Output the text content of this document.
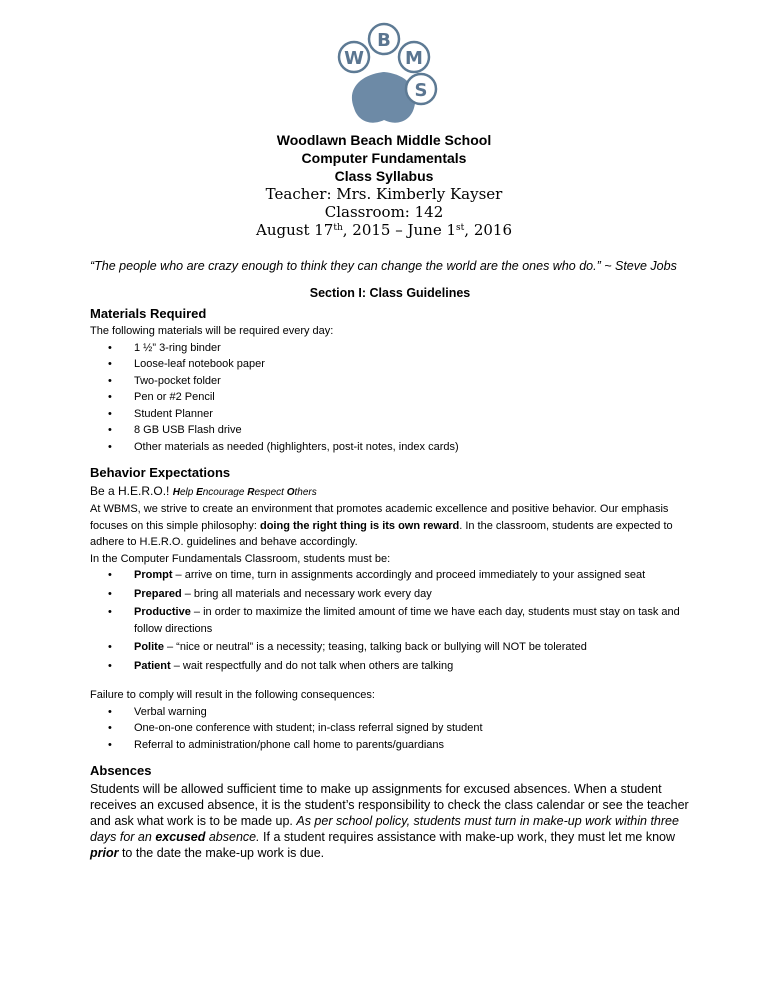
W
B
M
S
Woodlawn Beach Middle School
Computer Fundamentals
Class Syllabus
Teacher: Mrs. Kimberly Kayser
Classroom: 142
August 17th, 2015 – June 1st, 2016
“The people who are crazy enough to think they can change the world are the ones who do.” ~ Steve Jobs
Section I: Class Guidelines
Materials Required
The following materials will be required every day:
• 1 ½” 3-ring binder
• Loose-leaf notebook paper
• Two-pocket folder
• Pen or #2 Pencil
• Student Planner
• 8 GB USB Flash drive
• Other materials as needed (highlighters, post-it notes, index cards)
Behavior Expectations
Be a H.E.R.O.! Help Encourage Respect Others

At WBMS, we strive to create an environment that promotes academic excellence and positive behavior. Our emphasis focuses on this simple philosophy: doing the right thing is its own reward. In the classroom, students are expected to adhere to H.E.R.O. guidelines and behave accordingly.

In the Computer Fundamentals Classroom, students must be:

• Prompt – arrive on time, turn in assignments accordingly and proceed immediately to your assigned seat
• Prepared – bring all materials and necessary work every day
• Productive – in order to maximize the limited amount of time we have each day, students must stay on task and follow directions
• Polite – “nice or neutral” is a necessity; teasing, talking back or bullying will NOT be tolerated
• Patient – wait respectfully and do not talk when others are talking

Failure to comply will result in the following consequences:

• Verbal warning
• One-on-one conference with student; in-class referral signed by student
• Referral to administration/phone call home to parents/guardians
Absences

Students will be allowed sufficient time to make up assignments for excused absences. When a student receives an excused absence, it is the student’s responsibility to check the class calendar or see the teacher and ask what work is to be made up. As per school policy, students must turn in make-up work within three days for an excused absence. If a student requires assistance with make-up work, they must let me know prior to the date the make-up work is due.
